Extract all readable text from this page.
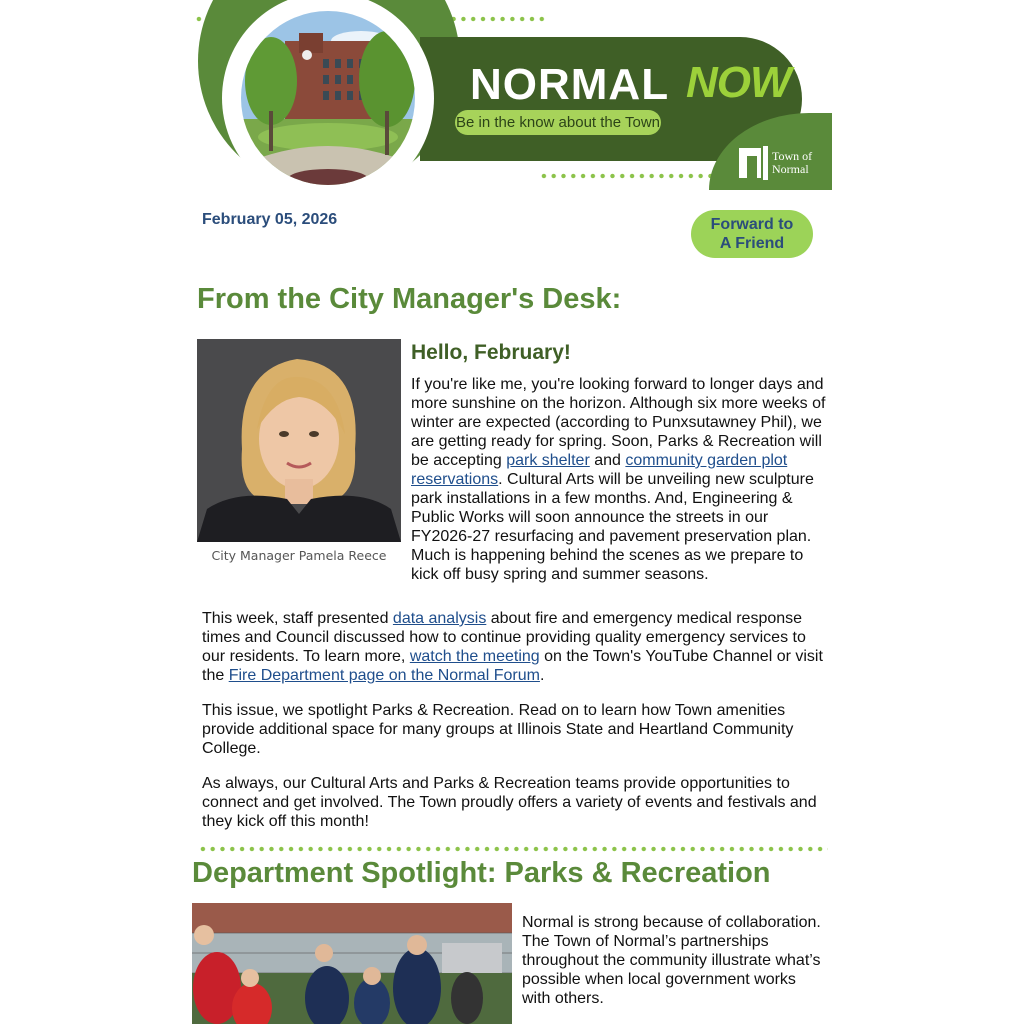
NORMAL NOW
Be in the know about the Town
Town of
Normal
February 05, 2026	Forward to
A Friend
From the City Manager's Desk:
City Manager Pamela Reece
Hello, February!
If you're like me, you're looking forward to longer days and more sunshine on the horizon. Although six more weeks of winter are expected (according to Punxsutawney Phil), we are getting ready for spring. Soon, Parks & Recreation will be accepting park shelter and community garden plot reservations. Cultural Arts will be unveiling new sculpture park installations in a few months. And, Engineering & Public Works will soon announce the streets in our FY2026-27 resurfacing and pavement preservation plan. Much is happening behind the scenes as we prepare to kick off busy spring and summer seasons.
This week, staff presented data analysis about fire and emergency medical response times and Council discussed how to continue providing quality emergency services to our residents. To learn more, watch the meeting on the Town's YouTube Channel or visit the Fire Department page on the Normal Forum.
This issue, we spotlight Parks & Recreation. Read on to learn how Town amenities provide additional space for many groups at Illinois State and Heartland Community College.
As always, our Cultural Arts and Parks & Recreation teams provide opportunities to connect and get involved. The Town proudly offers a variety of events and festivals and they kick off this month!
Department Spotlight: Parks & Recreation
Normal is strong because of collaboration. The Town of Normal’s partnerships throughout the community illustrate what’s possible when local government works with others.
